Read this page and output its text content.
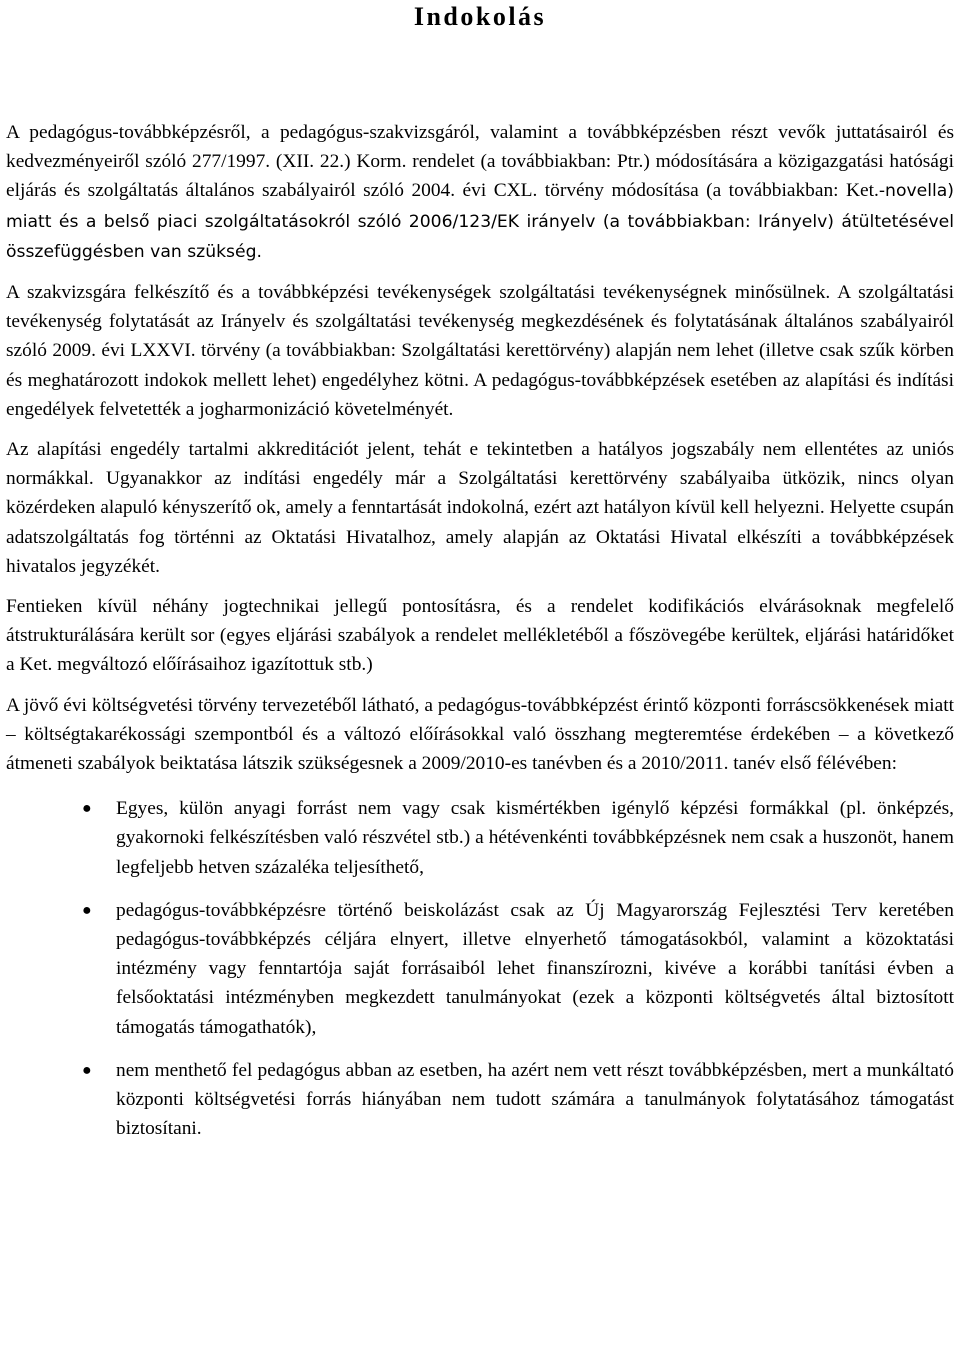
Indokolás

A pedagógus-továbbképzésről, a pedagógus-szakvizsgáról, valamint a továbbképzésben részt vevők juttatásairól és kedvezményeiről szóló 277/1997. (XII. 22.) Korm. rendelet (a továbbiakban: Ptr.) módosítására a közigazgatási hatósági eljárás és szolgáltatás általános szabályairól szóló 2004. évi CXL. törvény módosítása (a továbbiakban: Ket.-novella) miatt és a belső piaci szolgáltatásokról szóló 2006/123/EK irányelv (a továbbiakban: Irányelv) átültetésével összefüggésben van szükség.

A szakvizsgára felkészítő és a továbbképzési tevékenységek szolgáltatási tevékenységnek minősülnek. A szolgáltatási tevékenység folytatását az Irányelv és szolgáltatási tevékenység megkezdésének és folytatásának általános szabályairól szóló 2009. évi LXXVI. törvény (a továbbiakban: Szolgáltatási kerettörvény) alapján nem lehet (illetve csak szűk körben és meghatározott indokok mellett lehet) engedélyhez kötni. A pedagógus-továbbképzések esetében az alapítási és indítási engedélyek felvetették a jogharmonizáció követelményét.

Az alapítási engedély tartalmi akkreditációt jelent, tehát e tekintetben a hatályos jogszabály nem ellentétes az uniós normákkal. Ugyanakkor az indítási engedély már a Szolgáltatási kerettörvény szabályaiba ütközik, nincs olyan közérdeken alapuló kényszerítő ok, amely a fenntartását indokolná, ezért azt hatályon kívül kell helyezni. Helyette csupán adatszolgáltatás fog történni az Oktatási Hivatalhoz, amely alapján az Oktatási Hivatal elkészíti a továbbképzések hivatalos jegyzékét.

Fentieken kívül néhány jogtechnikai jellegű pontosításra, és a rendelet kodifikációs elvárásoknak megfelelő átstrukturálására került sor (egyes eljárási szabályok a rendelet mellékletéből a főszövegébe kerültek, eljárási határidőket a Ket. megváltozó előírásaihoz igazítottuk stb.)

A jövő évi költségvetési törvény tervezetéből látható, a pedagógus-továbbképzést érintő központi forráscsökkenések miatt – költségtakarékossági szempontból és a változó előírásokkal való összhang megteremtése érdekében – a következő átmeneti szabályok beiktatása látszik szükségesnek a 2009/2010-es tanévben és a 2010/2011. tanév első félévében:

● Egyes, külön anyagi forrást nem vagy csak kismértékben igénylő képzési formákkal (pl. önképzés, gyakornoki felkészítésben való részvétel stb.) a hétévenkénti továbbképzésnek nem csak a huszonöt, hanem legfeljebb hetven százaléka teljesíthető,
● pedagógus-továbbképzésre történő beiskolázást csak az Új Magyarország Fejlesztési Terv keretében pedagógus-továbbképzés céljára elnyert, illetve elnyerhető támogatásokból, valamint a közoktatási intézmény vagy fenntartója saját forrásaiból lehet finanszírozni, kivéve a korábbi tanítási évben a felsőoktatási intézményben megkezdett tanulmányokat (ezek a központi költségvetés által biztosított támogatás támogathatók),
● nem menthető fel pedagógus abban az esetben, ha azért nem vett részt továbbképzésben, mert a munkáltató központi költségvetési forrás hiányában nem tudott számára a tanulmányok folytatásához támogatást biztosítani.
